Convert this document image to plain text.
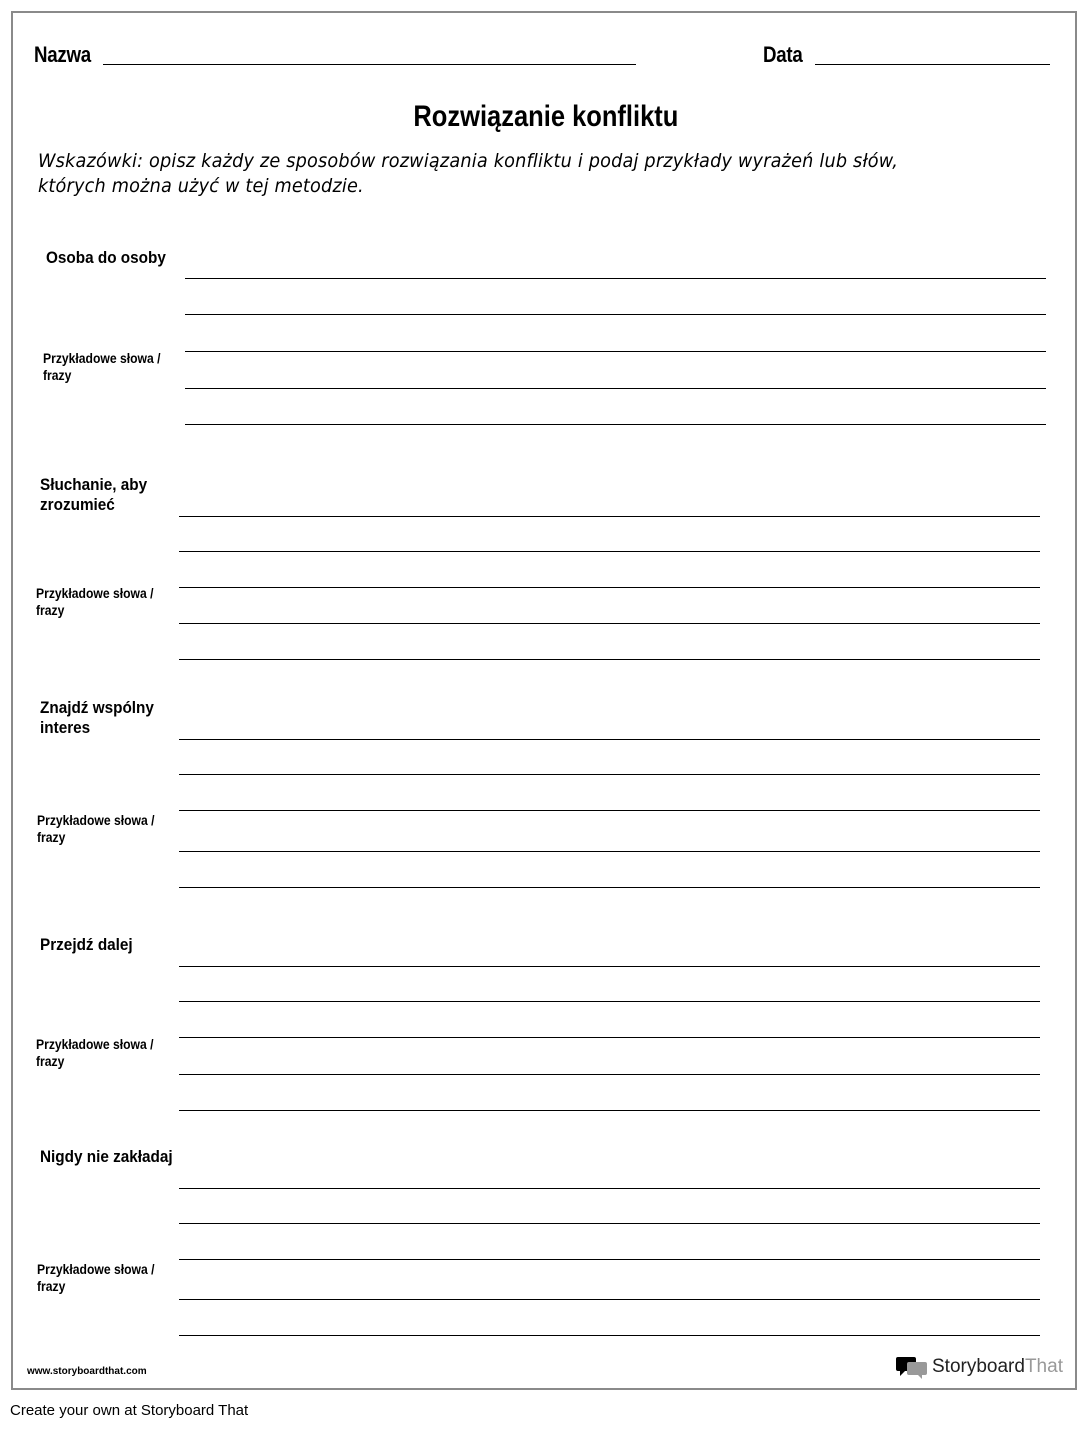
Nazwa	Data
Rozwiązanie konfliktu
Wskazówki: opisz każdy ze sposobów rozwiązania konfliktu i podaj przykłady wyrażeń lub słów, których można użyć w tej metodzie.
Osoba do osoby
Przykładowe słowa / frazy
Słuchanie, aby zrozumieć
Przykładowe słowa / frazy
Znajdź wspólny interes
Przykładowe słowa / frazy
Przejdź dalej
Przykładowe słowa / frazy
Nigdy nie zakładaj
Przykładowe słowa / frazy
www.storyboardthat.com	StoryboardThat
Create your own at Storyboard That
